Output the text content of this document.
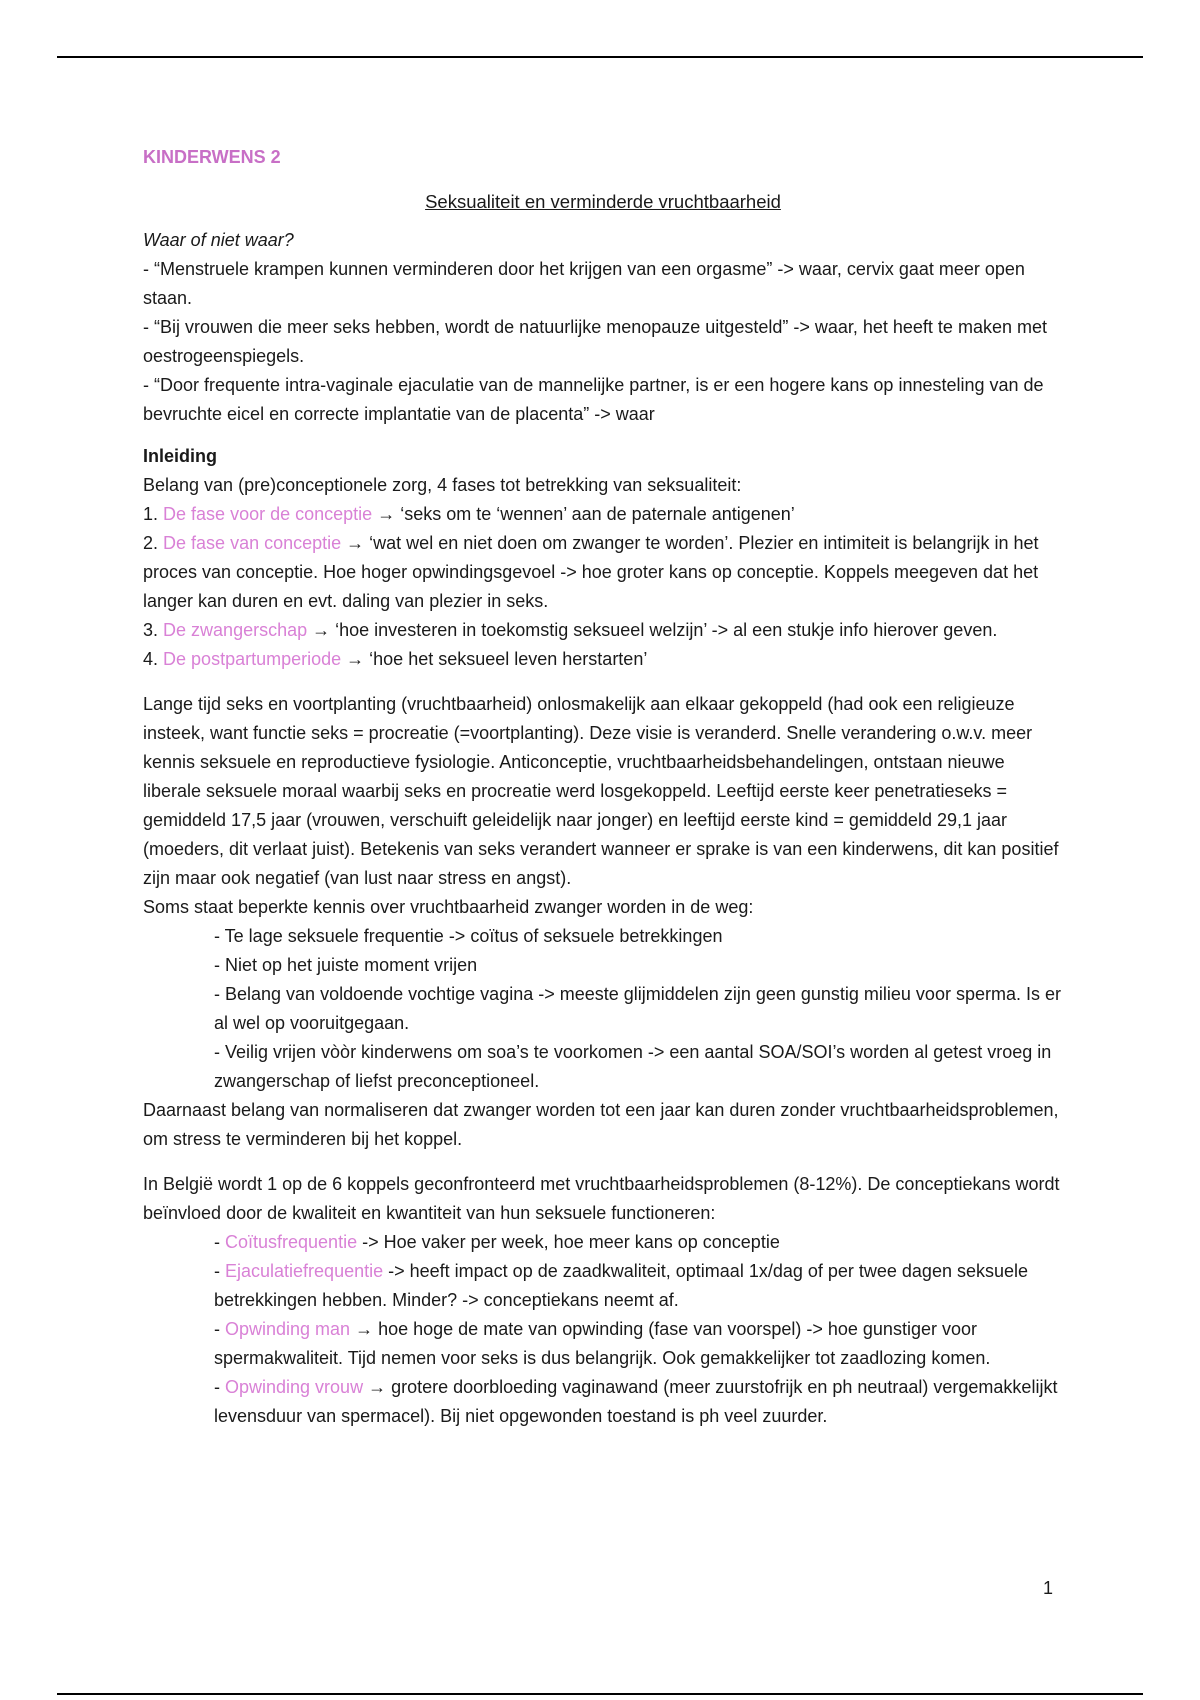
KINDERWENS 2

Seksualiteit en verminderde vruchtbaarheid

Waar of niet waar?

- “Menstruele krampen kunnen verminderen door het krijgen van een orgasme” -> waar, cervix gaat meer open staan.

- “Bij vrouwen die meer seks hebben, wordt de natuurlijke menopauze uitgesteld” -> waar, het heeft te maken met oestrogeenspiegels.

- “Door frequente intra-vaginale ejaculatie van de mannelijke partner, is er een hogere kans op innesteling van de bevruchte eicel en correcte implantatie van de placenta” -> waar

Inleiding

Belang van (pre)conceptionele zorg, 4 fases tot betrekking van seksualiteit:

1. De fase voor de conceptie → ‘seks om te ‘wennen’ aan de paternale antigenen’

2. De fase van conceptie → ‘wat wel en niet doen om zwanger te worden’. Plezier en intimiteit is belangrijk in het proces van conceptie. Hoe hoger opwindingsgevoel -> hoe groter kans op conceptie. Koppels meegeven dat het langer kan duren en evt. daling van plezier in seks.

3. De zwangerschap → ‘hoe investeren in toekomstig seksueel welzijn’ -> al een stukje info hierover geven.

4. De postpartumperiode → ‘hoe het seksueel leven herstarten’

Lange tijd seks en voortplanting (vruchtbaarheid) onlosmakelijk aan elkaar gekoppeld (had ook een religieuze insteek, want functie seks = procreatie (=voortplanting). Deze visie is veranderd. Snelle verandering o.w.v. meer kennis seksuele en reproductieve fysiologie. Anticonceptie, vruchtbaarheidsbehandelingen, ontstaan nieuwe liberale seksuele moraal waarbij seks en procreatie werd losgekoppeld. Leeftijd eerste keer penetratieseks = gemiddeld 17,5 jaar (vrouwen, verschuift geleidelijk naar jonger) en leeftijd eerste kind = gemiddeld 29,1 jaar (moeders, dit verlaat juist). Betekenis van seks verandert wanneer er sprake is van een kinderwens, dit kan positief zijn maar ook negatief (van lust naar stress en angst).

Soms staat beperkte kennis over vruchtbaarheid zwanger worden in de weg:

- Te lage seksuele frequentie -> coïtus of seksuele betrekkingen

- Niet op het juiste moment vrijen

- Belang van voldoende vochtige vagina -> meeste glijmiddelen zijn geen gunstig milieu voor sperma. Is er al wel op vooruitgegaan.

- Veilig vrijen vòòr kinderwens om soa’s te voorkomen -> een aantal SOA/SOI’s worden al getest vroeg in zwangerschap of liefst preconceptioneel.

Daarnaast belang van normaliseren dat zwanger worden tot een jaar kan duren zonder vruchtbaarheidsproblemen, om stress te verminderen bij het koppel.

In België wordt 1 op de 6 koppels geconfronteerd met vruchtbaarheidsproblemen (8-12%). De conceptiekans wordt beïnvloed door de kwaliteit en kwantiteit van hun seksuele functioneren:

- Coïtusfrequentie -> Hoe vaker per week, hoe meer kans op conceptie

- Ejaculatiefrequentie -> heeft impact op de zaadkwaliteit, optimaal 1x/dag of per twee dagen seksuele betrekkingen hebben. Minder? -> conceptiekans neemt af.

- Opwinding man → hoe hoge de mate van opwinding (fase van voorspel) -> hoe gunstiger voor spermakwaliteit. Tijd nemen voor seks is dus belangrijk. Ook gemakkelijker tot zaadlozing komen.

- Opwinding vrouw → grotere doorbloeding vaginawand (meer zuurstofrijk en ph neutraal) vergemakkelijkt levensduur van spermacel). Bij niet opgewonden toestand is ph veel zuurder.

1
